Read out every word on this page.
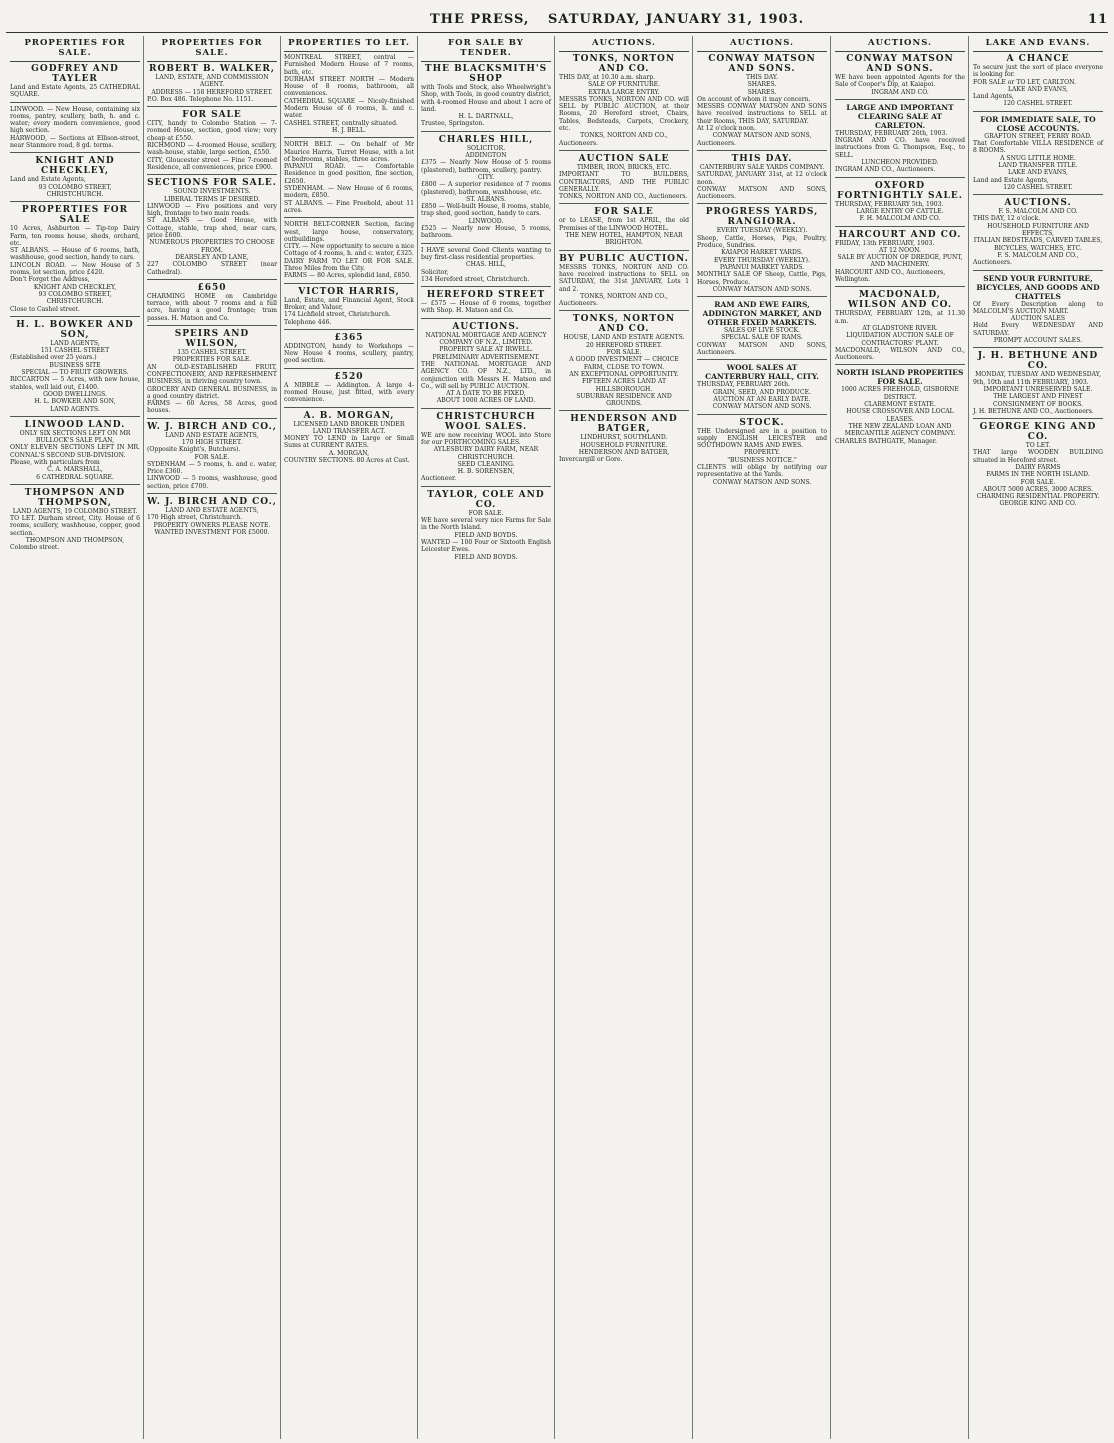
THE PRESS, SATURDAY, JANUARY 31, 1903.	11
PROPERTIES FOR SALE.

GODFREY AND TAYLER

Land and Estate Agents, 25 CATHEDRAL SQUARE.

LINWOOD. — New House, containing six rooms, pantry, scullery, bath, h. and c. water; every modern convenience, good high section.

HARWOOD, — Sections at Ellison-street, near Stanmore road, 8 gd. terms.

KNIGHT AND CHECKLEY,

Land and Estate Agents,

93 COLOMBO STREET, CHRISTCHURCH.

PROPERTIES FOR SALE

10 Acres, Ashburton — Tip-top Dairy Farm, ten rooms house, sheds, orchard, etc.

ST ALBANS. — House of 6 rooms, bath, washhouse, good section, handy to cars.

LINCOLN ROAD. — New House of 5 rooms, lot section, price £420.

Don't Forget the Address,

KNIGHT AND CHECKLEY,

93 COLOMBO STREET, CHRISTCHURCH.

Close to Cashel street.

H. L. BOWKER AND SON,

LAND AGENTS,

151 CASHEL STREET

(Established over 25 years.)

BUSINESS SITE

SPECIAL — TO FRUIT GROWERS.

RICCARTON — 5 Acres, with new house, stables, well laid out, £1400.

GOOD DWELLINGS.

H. L. BOWKER AND SON,

LAND AGENTS.

LINWOOD LAND.

ONLY SIX SECTIONS LEFT ON MR BULLOCK'S SALE PLAN,

ONLY ELEVEN SECTIONS LEFT IN MR. CONNAL'S SECOND SUB-DIVISION.

Please, with particulars from

C. A. MARSHALL,

6 CATHEDRAL SQUARE.

THOMPSON AND THOMPSON,

LAND AGENTS, 19 COLOMBO STREET.

TO LET. Durham street, City. House of 6 rooms, scullery, washhouse, copper, good section.

THOMPSON AND THOMPSON,

Colombo street.

PROPERTIES FOR SALE.

ROBERT B. WALKER,

LAND, ESTATE, AND COMMISSION AGENT.

ADDRESS — 158 HEREFORD STREET.

P.O. Box 486. Telephone No. 1151.

FOR SALE

CITY, handy to Colombo Station — 7-roomed House, section, good view; very cheap at £550.

RICHMOND — 4-roomed House, scullery, wash-house, stable, large section, £550.

CITY, Gloucester street — Fine 7-roomed Residence, all conveniences, price £900.

SECTIONS FOR SALE.

SOUND INVESTMENTS.

LIBERAL TERMS IF DESIRED.

LINWOOD — Five positions and very high, frontage to two main roads.

ST ALBANS — Good House, with Cottage, stable, trap shed, near cars, price £600.

NUMEROUS PROPERTIES TO CHOOSE FROM.

DEARSLEY AND LANE,

227 COLOMBO STREET (near Cathedral).

£650

CHARMING HOME on Cambridge terrace, with about 7 rooms and a full acre, having a good frontage; tram passes. H. Matson and Co.

SPEIRS AND WILSON,

135 CASHEL STREET.

PROPERTIES FOR SALE.

AN OLD-ESTABLISHED FRUIT, CONFECTIONERY, AND REFRESHMENT BUSINESS, in thriving country town.

GROCERY AND GENERAL BUSINESS, in a good country district.

FARMS — 60 Acres, 58 Acres, good houses.

W. J. BIRCH AND CO.,

LAND AND ESTATE AGENTS,

170 HIGH STREET.

(Opposite Knight's, Butchers).

FOR SALE.

SYDENHAM — 5 rooms, h. and c. water, Price £360.

LINWOOD — 5 rooms, washhouse, good section, price £700.

W. J. BIRCH AND CO.,

LAND AND ESTATE AGENTS,

170 High street, Christchurch.

PROPERTY OWNERS PLEASE NOTE.

WANTED INVESTMENT FOR £5000.

PROPERTIES TO LET.

MONTREAL STREET, central — Furnished Modern House of 7 rooms, bath, etc.

DURHAM STREET NORTH — Modern House of 8 rooms, bathroom, all conveniences.

CATHEDRAL SQUARE — Nicely-finished Modern House of 6 rooms, h. and c. water.

CASHEL STREET, centrally situated.

H. J. BELL.

NORTH BELT. — On behalf of Mr Maurice Harris, Turret House, with a lot of bedrooms, stables, three acres.

PAPANUI ROAD. — Comfortable Residence in good position, fine section, £2650.

SYDENHAM. — New House of 6 rooms, modern, £850.

ST ALBANS. — Fine Freehold, about 11 acres.

NORTH BELT-CORNER Section, facing west, large house, conservatory, outbuildings.

CITY. — New opportunity to secure a nice Cottage of 4 rooms, h. and c. water, £325.

DAIRY FARM TO LET OR FOR SALE. Three Miles from the City.

FARMS — 80 Acres, splendid land, £850.

VICTOR HARRIS,

Land, Estate, and Financial Agent, Stock Broker, and Valuer,

174 Lichfield street, Christchurch.

Telephone 446.

£365

ADDINGTON, handy to Workshops — New House 4 rooms, scullery, pantry, good section.

£520

A NIBBLE — Addington. A large 4-roomed House, just fitted, with every convenience.

A. B. MORGAN,

LICENSED LAND BROKER UNDER LAND TRANSFER ACT.

MONEY TO LEND in Large or Small Sums at CURRENT RATES.

A. MORGAN,

COUNTRY SECTIONS. 80 Acres at Cust.

FOR SALE BY TENDER.

THE BLACKSMITH'S SHOP

with Tools and Stock, also Wheelwright's Shop, with Tools, in good country district, with 4-roomed House and about 1 acre of land.

H. L. DARTNALL,

Trustee, Springston.

CHARLES HILL,

SOLICITOR.

ADDINGTON

£375 — Nearly New House of 5 rooms (plastered), bathroom, scullery, pantry.

CITY.

£800 — A superior residence of 7 rooms (plastered), bathroom, washhouse, etc.

ST. ALBANS.

£850 — Well-built House, 8 rooms, stable, trap shed, good section, handy to cars.

LINWOOD.

£525 — Nearly new House, 5 rooms, bathroom.

I HAVE several Good Clients wanting to buy first-class residential properties.

CHAS. HILL,

Solicitor,

134 Hereford street, Christchurch.

HEREFORD STREET

— £575 — House of 6 rooms, together with Shop. H. Matson and Co.

AUCTIONS.

NATIONAL MORTGAGE AND AGENCY COMPANY OF N.Z., LIMITED.

PROPERTY SALE AT IRWELL.

PRELIMINARY ADVERTISEMENT.

THE NATIONAL MORTGAGE AND AGENCY CO. OF N.Z., LTD., in conjunction with Messrs H. Matson and Co., will sell by PUBLIC AUCTION.

AT A DATE TO BE FIXED,

ABOUT 1000 ACRES OF LAND.

CHRISTCHURCH WOOL SALES.

WE are now receiving WOOL into Store for our FORTHCOMING SALES.

AYLESBURY DAIRY FARM, NEAR CHRISTCHURCH.

SEED CLEANING.

H. B. SORENSEN,

Auctioneer.

TAYLOR, COLE AND CO.

FOR SALE.

WE have several very nice Farms for Sale in the North Island.

FIELD AND BOYDS.

WANTED — 100 Four or Sixtooth English Leicester Ewes.

FIELD AND BOYDS.

AUCTIONS.

TONKS, NORTON AND CO.

THIS DAY, at 10.30 a.m. sharp.

SALE OF FURNITURE.

EXTRA LARGE ENTRY.

MESSRS TONKS, NORTON AND CO. will SELL by PUBLIC AUCTION, at their Rooms, 20 Hereford street, Chairs, Tables, Bedsteads, Carpets, Crockery, etc.

TONKS, NORTON AND CO.,

Auctioneers.

AUCTION SALE

TIMBER, IRON, BRICKS, ETC.

IMPORTANT TO BUILDERS, CONTRACTORS, AND THE PUBLIC GENERALLY.

TONKS, NORTON AND CO., Auctioneers.

FOR SALE

or to LEASE, from 1st APRIL, the old Premises of the LINWOOD HOTEL.

THE NEW HOTEL, HAMPTON, NEAR BRIGHTON.

BY PUBLIC AUCTION.

MESSRS TONKS, NORTON AND CO. have received instructions to SELL on SATURDAY, the 31st JANUARY, Lots 1 and 2.

TONKS, NORTON AND CO.,

Auctioneers.

TONKS, NORTON AND CO.

HOUSE, LAND AND ESTATE AGENTS.

20 HEREFORD STREET.

FOR SALE.

A GOOD INVESTMENT — CHOICE FARM, CLOSE TO TOWN.

AN EXCEPTIONAL OPPORTUNITY.

FIFTEEN ACRES LAND AT HILLSBOROUGH.

SUBURBAN RESIDENCE AND GROUNDS.

HENDERSON AND BATGER,

LINDHURST, SOUTHLAND.

HOUSEHOLD FURNITURE.

HENDERSON AND BATGER,

Invercargill or Gore.

AUCTIONS.

CONWAY MATSON AND SONS.

THIS DAY.

SHARES.

SHARES.

On account of whom it may concern.

MESSRS CONWAY MATSON AND SONS have received instructions to SELL at their Rooms, THIS DAY, SATURDAY.

At 12 o'clock noon.

CONWAY MATSON AND SONS,

Auctioneers.

THIS DAY.

CANTERBURY SALE YARDS COMPANY.

SATURDAY, JANUARY 31st, at 12 o'clock noon.

CONWAY MATSON AND SONS, Auctioneers.

PROGRESS YARDS, RANGIORA.

EVERY TUESDAY (WEEKLY).

Sheep, Cattle, Horses, Pigs, Poultry, Produce, Sundries.

KAIAPOI HARKET YARDS.

EVERY THURSDAY (WEEKLY).

PAPANUI MARKET YARDS.

MONTHLY SALE OF Sheep, Cattle, Pigs, Horses, Produce.

CONWAY MATSON AND SONS.

RAM AND EWE FAIRS, ADDINGTON MARKET, AND OTHER FIXED MARKETS.

SALES OF LIVE STOCK.

SPECIAL SALE OF RAMS.

CONWAY MATSON AND SONS, Auctioneers.

WOOL SALES AT CANTERBURY HALL, CITY.

THURSDAY, FEBRUARY 26th.

GRAIN, SEED, AND PRODUCE.

AUCTION AT AN EARLY DATE.

CONWAY MATSON AND SONS.

STOCK.

THE Undersigned are in a position to supply ENGLISH LEICESTER and SOUTHDOWN RAMS AND EWES.

PROPERTY.

"BUSINESS NOTICE."

CLIENTS will oblige by notifying our representative at the Yards.

CONWAY MATSON AND SONS.

AUCTIONS.

CONWAY MATSON AND SONS.

WE have been appointed Agents for the Sale of Cooper's Dip, at Kaiapoi.

INGRAM AND CO.

LARGE AND IMPORTANT CLEARING SALE AT CARLETON.

THURSDAY, FEBRUARY 26th, 1903.

INGRAM AND CO. have received instructions from G. Thompson, Esq., to SELL.

LUNCHEON PROVIDED.

INGRAM AND CO., Auctioneers.

OXFORD FORTNIGHTLY SALE.

THURSDAY, FEBRUARY 5th, 1903.

LARGE ENTRY OF CATTLE.

F. H. MALCOLM AND CO.

HARCOURT AND CO.

FRIDAY, 13th FEBRUARY, 1903.

AT 12 NOON.

SALE BY AUCTION OF DREDGE, PUNT, AND MACHINERY.

HARCOURT AND CO., Auctioneers,

Wellington.

MACDONALD, WILSON AND CO.

THURSDAY, FEBRUARY 12th, at 11.30 a.m.

AT GLADSTONE RIVER.

LIQUIDATION AUCTION SALE OF CONTRACTORS' PLANT.

MACDONALD, WILSON AND CO., Auctioneers.

NORTH ISLAND PROPERTIES FOR SALE.

1000 ACRES FREEHOLD, GISBORNE DISTRICT.

CLAREMONT ESTATE.

HOUSE CROSSOVER AND LOCAL LEASES.

THE NEW ZEALAND LOAN AND MERCANTILE AGENCY COMPANY.

CHARLES BATHGATE, Manager.

LAKE AND EVANS.

A CHANCE

To secure just the sort of place everyone is looking for.

FOR SALE or TO LET, CARLTON.

LAKE AND EVANS,

Land Agents,

120 CASHEL STREET.

FOR IMMEDIATE SALE, TO CLOSE ACCOUNTS.

GRAFTON STREET, FERRY ROAD.

That Comfortable VILLA RESIDENCE of 8 ROOMS.

A SNUG LITTLE HOME.

LAND TRANSFER TITLE.

LAKE AND EVANS,

Land and Estate Agents,

120 CASHEL STREET.

AUCTIONS.

F. S. MALCOLM AND CO.

THIS DAY, 12 o'clock.

HOUSEHOLD FURNITURE AND EFFECTS,

ITALIAN BEDSTEADS, CARVED TABLES, BICYCLES, WATCHES, ETC.

F. S. MALCOLM AND CO.,

Auctioneers.

SEND YOUR FURNITURE, BICYCLES, AND GOODS AND CHATTELS

Of Every Description along to MALCOLM'S AUCTION MART.

AUCTION SALES

Held Every WEDNESDAY AND SATURDAY.

PROMPT ACCOUNT SALES.

J. H. BETHUNE AND CO.

MONDAY, TUESDAY AND WEDNESDAY,

9th, 10th and 11th FEBRUARY, 1903.

IMPORTANT UNRESERVED SALE.

THE LARGEST AND FINEST CONSIGNMENT OF BOOKS.

J. H. BETHUNE AND CO., Auctioneers.

GEORGE KING AND CO.

TO LET.

THAT large WOODEN BUILDING situated in Hereford street.

DAIRY FARMS

FARMS IN THE NORTH ISLAND.

FOR SALE.

ABOUT 5000 ACRES, 3000 ACRES.

CHARMING RESIDENTIAL PROPERTY.

GEORGE KING AND CO.
